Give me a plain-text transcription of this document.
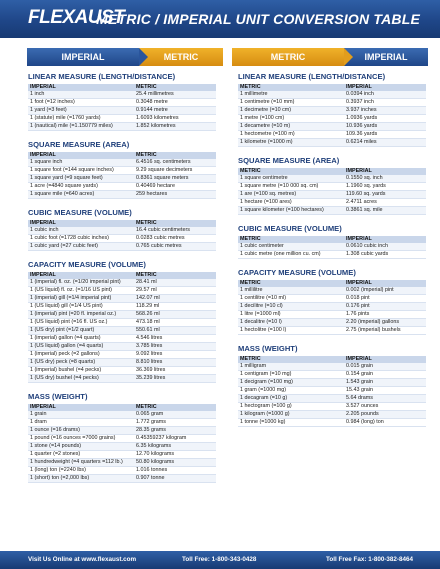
FLEXAUST
METRIC / IMPERIAL UNIT CONVERSION TABLE
IMPERIAL	METRIC	METRIC	IMPERIAL
LINEAR MEASURE (LENGTH/DISTANCE)
IMPERIAL	METRIC
1 inch	25.4 millimetres
1 foot (=12 inches)	0.3048 metre
1 yard (=3 feet)	0.9144 metre
1 (statute) mile (=1760 yards)	1.6093 kilometres
1 (nautical) mile (=1.150779 miles)	1.852 kilometres
SQUARE MEASURE (AREA)
IMPERIAL	METRIC
1 square inch	6.4516 sq. centimeters
1 square foot (=144 square inches)	9.29 square decimeters
1 square yard (=9 square feet)	0.8361 square meters
1 acre (=4840 square yards)	0.40469 hectare
1 square mile (=640 acres)	259 hectares
CUBIC MEASURE (VOLUME)
IMPERIAL	METRIC
1 cubic inch	16.4 cubic centimeters
1 cubic foot (=1728 cubic inches)	0.0283 cubic metres
1 cubic yard (=27 cubic feet)	0.765 cubic metres
CAPACITY MEASURE (VOLUME)
IMPERIAL	METRIC
1 (imperial) fl. oz. (=1/20 imperial pint)	28.41 ml
1 (US liquid) fl. oz. (=1/16 US pint)	29.57 ml
1 (imperial) gill (=1/4 imperial pint)	142.07 ml
1 (US liquid) gill (=1/4 US pint)	118.29 ml
1 (imperial) pint (=20 fl. imperial oz.)	568.26 ml
1 (US liquid) pint (=16 fl. US oz.)	473.18 ml
1 (US dry) pint (=1/2 quart)	550.61 ml
1 (imperial) gallon (=4 quarts)	4.546 litres
1 (US liquid) gallon (=4 quarts)	3.785 litres
1 (imperial) peck (=2 gallons)	9.092 litres
1 (US dry) peck (=8 quarts)	8.810 litres
1 (imperial) bushel (=4 pecks)	36.369 litres
1 (US dry) bushel (=4 pecks)	35.239 litres
MASS (WEIGHT)
IMPERIAL	METRIC
1 grain	0.065 gram
1 dram	1.772 grams
1 ounce (=16 drams)	28.35 grams
1 pound (=16 ounces =7000 grains)	0.45359237 kilogram
1 stone (=14 pounds)	6.35 kilograms
1 quarter (=2 stones)	12.70 kilograms
1 hundredweight (=4 quarters =112 lb.)	50.80 kilograms
1 (long) ton (=2240 lbs)	1.016 tonnes
1 (short) ton (=2,000 lbs)	0.907 tonne
LINEAR MEASURE (LENGTH/DISTANCE)
METRIC	IMPERIAL
1 millimetre	0.0394 inch
1 centimetre (=10 mm)	0.3937 inch
1 decimetre (=10 cm)	3.937 inches
1 metre (=100 cm)	1.0936 yards
1 decametre (=10 m)	10.936 yards
1 hectometre (=100 m)	109.36 yards
1 kilometre (=1000 m)	0.6214 miles
SQUARE MEASURE (AREA)
METRIC	IMPERIAL
1 square centimetre	0.1550 sq. inch
1 square metre (=10 000 sq. cm)	1.1960 sq. yards
1 are (=100 sq. metres)	119.60 sq. yards
1 hectare (=100 ares)	2.4711 acres
1 square kilometer (=100 hectares)	0.3861 sq. mile
CUBIC MEASURE (VOLUME)
METRIC	IMPERIAL
1 cubic centimeter	0.0610 cubic inch
1 cubic metre (one million cu. cm)	1.308 cubic yards
CAPACITY MEASURE (VOLUME)
METRIC	IMPERIAL
1 millilitre	0.002 (imperial) pint
1 centilitre (=10 ml)	0.018 pint
1 decilitre (=10 cl)	0.176 pint
1 litre (=1000 ml)	1.76 pints
1 decalitre (=10 l)	2.20 (imperial) gallons
1 hectolitre (=100 l)	2.75 (imperial) bushels
MASS (WEIGHT)
METRIC	IMPERIAL
1 milligram	0.015 grain
1 centigram (=10 mg)	0.154 grain
1 decigram (=100 mg)	1.543 grain
1 gram (=1000 mg)	15.43 grain
1 decagram (=10 g)	5.64 drams
1 hectogram (=100 g)	3.527 ounces
1 kilogram (=1000 g)	2.205 pounds
1 tonne (=1000 kg)	0.984 (long) ton
Visit Us Online at www.flexaust.com	Toll Free: 1-800-343-0428	Toll Free Fax: 1-800-382-8464
